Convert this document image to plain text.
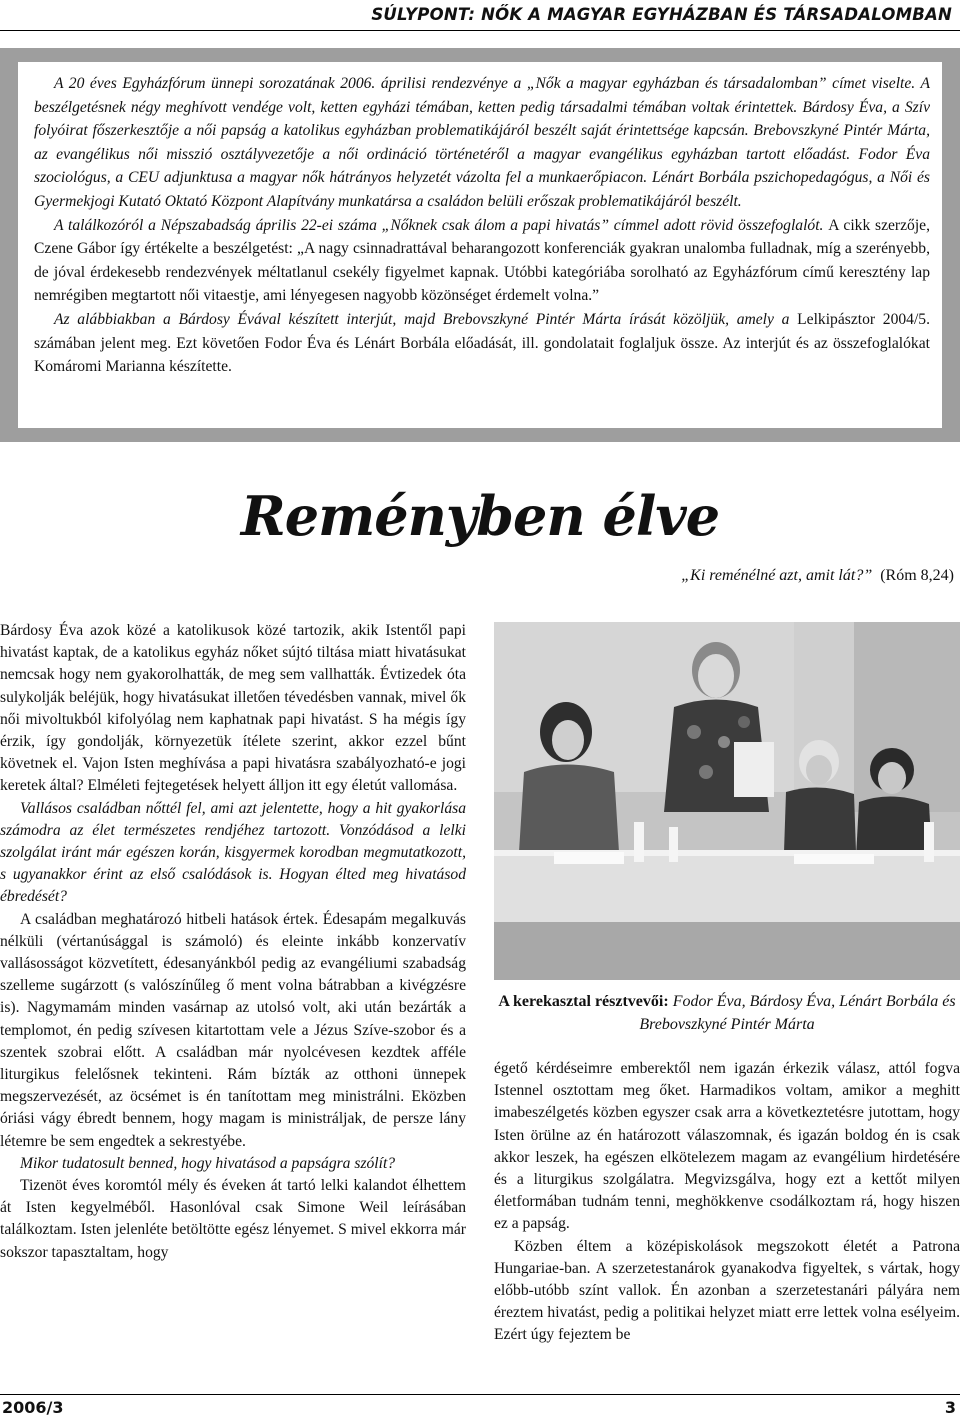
SÚLYPONT: NŐK A MAGYAR EGYHÁZBAN ÉS TÁRSADALOMBAN

A 20 éves Egyházfórum ünnepi sorozatának 2006. áprilisi rendezvénye a „Nők a magyar egyházban és társadalomban” címet viselte. A beszélgetésnek négy meghívott vendége volt, ketten egyházi témában, ketten pedig társadalmi témában voltak érintettek. Bárdosy Éva, a Szív folyóirat főszerkesztője a női papság a katolikus egyházban problematikájáról beszélt saját érintettsége kapcsán. Brebovszkyné Pintér Márta, az evangélikus női misszió osztályvezetője a női ordináció történetéről a magyar evangélikus egyházban tartott előadást. Fodor Éva szociológus, a CEU adjunktusa a magyar nők hátrányos helyzetét vázolta fel a munkaerőpiacon. Lénárt Borbála pszichopedagógus, a Női és Gyermekjogi Kutató Oktató Központ Alapítvány munkatársa a családon belüli erőszak problematikájáról beszélt.

A találkozóról a Népszabadság április 22-ei száma „Nőknek csak álom a papi hivatás” címmel adott rövid összefoglalót. A cikk szerzője, Czene Gábor így értékelte a beszélgetést: „A nagy csinnadrattával beharangozott konferenciák gyakran unalomba fulladnak, míg a szerényebb, de jóval érdekesebb rendezvények méltatlanul csekély figyelmet kapnak. Utóbbi kategóriába sorolható az Egyházfórum című keresztény lap nemrégiben megtartott női vitaestje, ami lényegesen nagyobb közönséget érdemelt volna.”

Az alábbiakban a Bárdosy Évával készített interjút, majd Brebovszkyné Pintér Márta írását közöljük, amely a Lelkipásztor 2004/5. számában jelent meg. Ezt követően Fodor Éva és Lénárt Borbála előadását, ill. gondolatait foglaljuk össze. Az interjút és az összefoglalókat Komáromi Marianna készítette.

Reményben élve
„Ki reménélné azt, amit lát?” (Róm 8,24)

Bárdosy Éva azok közé a katolikusok közé tartozik, akik Istentől papi hivatást kaptak, de a katolikus egyház nőket sújtó tiltása miatt hivatásukat nemcsak hogy nem gyakorolhatták, de meg sem vallhatták. Évtizedek óta sulykolják beléjük, hogy hivatásukat illetően tévedésben vannak, mivel ők női mivoltukból kifolyólag nem kaphatnak papi hivatást. S ha mégis így érzik, így gondolják, környezetük ítélete szerint, akkor ezzel bűnt követnek el. Vajon Isten meghívása a papi hivatásra szabályozható-e jogi keretek által? Elméleti fejtegetések helyett álljon itt egy életút vallomása.

Vallásos családban nőttél fel, ami azt jelentette, hogy a hit gyakorlása számodra az élet természetes rendjéhez tartozott. Vonzódásod a lelki szolgálat iránt már egészen korán, kisgyermek korodban megmutatkozott, s ugyanakkor érint az első csalódások is. Hogyan élted meg hivatásod ébredését?

A családban meghatározó hitbeli hatások értek. Édesapám megalkuvás nélküli (vértanúsággal is számoló) és eleinte inkább konzervatív vallásosságot közvetített, édesanyánkból pedig az evangéliumi szabadság szelleme sugárzott (s valószínűleg ő ment volna bátrabban a kivégzésre is). Nagymamám minden vasárnap az utolsó volt, aki után bezárták a templomot, én pedig szívesen kitartottam vele a Jézus Szíve-szobor és a szentek szobrai előtt. A családban már nyolcévesen kezdtek afféle liturgikus felelősnek tekinteni. Rám bízták az otthoni ünnepek megszervezését, az öcsémet is én tanítottam meg ministrálni. Eközben óriási vágy ébredt bennem, hogy magam is ministráljak, de persze lány létemre be sem engedtek a sekrestyébe.

Mikor tudatosult benned, hogy hivatásod a papságra szólít?

Tizenöt éves koromtól mély és éveken át tartó lelki kalandot élhettem át Isten kegyelméből. Hasonlóval csak Simone Weil leírásában találkoztam. Isten jelenléte betöltötte egész lényemet. S mivel ekkorra már sokszor tapasztaltam, hogy

A kerekasztal résztvevői: Fodor Éva, Bárdosy Éva, Lénárt Borbála és Brebovszkyné Pintér Márta

égető kérdéseimre emberektől nem igazán érkezik válasz, attól fogva Istennel osztottam meg őket. Harmadikos voltam, amikor a meghitt imabeszélgetés közben egyszer csak arra a következtetésre jutottam, hogy Isten örülne az én határozott válaszomnak, és igazán boldog én is csak akkor leszek, ha egészen elkötelezem magam az evangélium hirdetésére és a liturgikus szolgálatra. Megvizsgálva, hogy ezt a kettőt milyen életformában tudnám tenni, meghökkenve csodálkoztam rá, hogy hiszen ez a papság.

Közben éltem a középiskolások megszokott életét a Patrona Hungariae-ban. A szerzetestanárok gyanakodva figyeltek, s vártak, hogy előbb-utóbb színt vallok. Én azonban a szerzetestanári pályára nem éreztem hivatást, pedig a politikai helyzet miatt erre lettek volna esélyeim. Ezért úgy fejeztem be

2006/3	3
